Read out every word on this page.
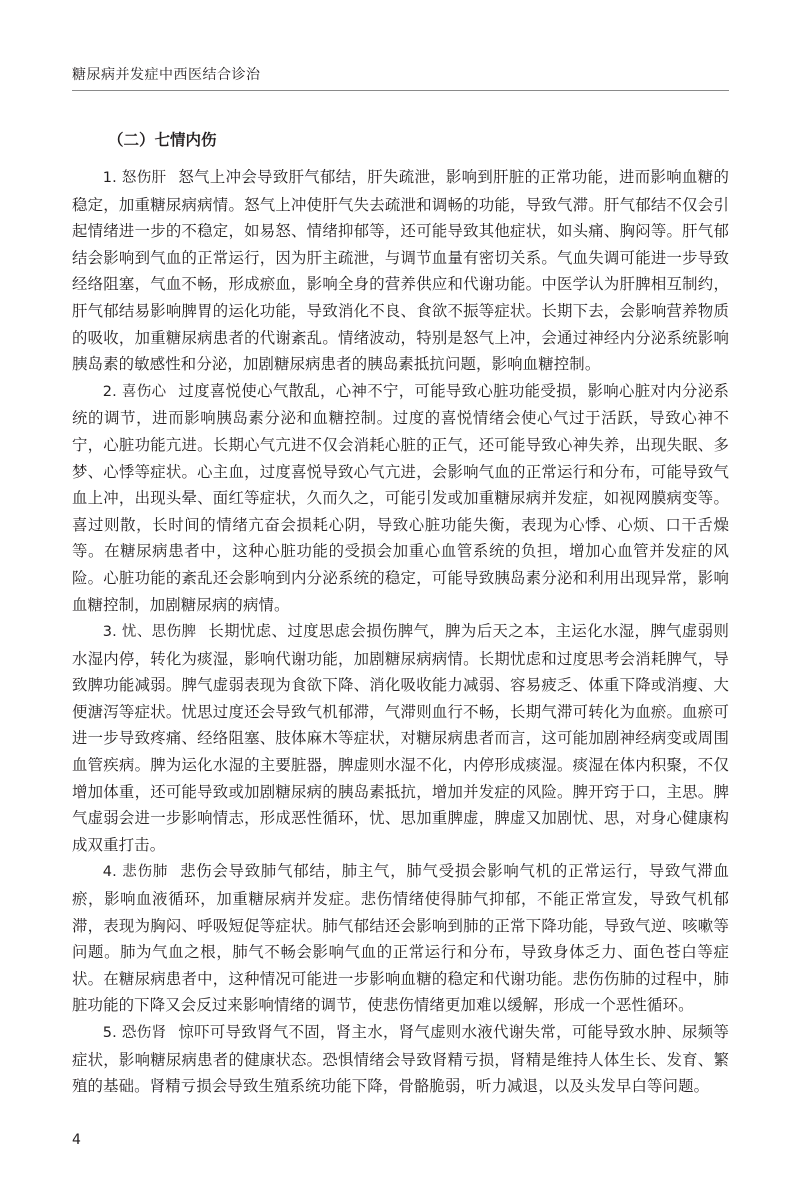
糖尿病并发症中西医结合诊治
（二）七情内伤

1. 怒伤肝 怒气上冲会导致肝气郁结，肝失疏泄，影响到肝脏的正常功能，进而影响血糖的稳定，加重糖尿病病情。怒气上冲使肝气失去疏泄和调畅的功能，导致气滞。肝气郁结不仅会引起情绪进一步的不稳定，如易怒、情绪抑郁等，还可能导致其他症状，如头痛、胸闷等。肝气郁结会影响到气血的正常运行，因为肝主疏泄，与调节血量有密切关系。气血失调可能进一步导致经络阻塞，气血不畅，形成瘀血，影响全身的营养供应和代谢功能。中医学认为肝脾相互制约，肝气郁结易影响脾胃的运化功能，导致消化不良、食欲不振等症状。长期下去，会影响营养物质的吸收，加重糖尿病患者的代谢紊乱。情绪波动，特别是怒气上冲，会通过神经内分泌系统影响胰岛素的敏感性和分泌，加剧糖尿病患者的胰岛素抵抗问题，影响血糖控制。

2. 喜伤心 过度喜悦使心气散乱，心神不宁，可能导致心脏功能受损，影响心脏对内分泌系统的调节，进而影响胰岛素分泌和血糖控制。过度的喜悦情绪会使心气过于活跃，导致心神不宁，心脏功能亢进。长期心气亢进不仅会消耗心脏的正气，还可能导致心神失养，出现失眠、多梦、心悸等症状。心主血，过度喜悦导致心气亢进，会影响气血的正常运行和分布，可能导致气血上冲，出现头晕、面红等症状，久而久之，可能引发或加重糖尿病并发症，如视网膜病变等。喜过则散，长时间的情绪亢奋会损耗心阴，导致心脏功能失衡，表现为心悸、心烦、口干舌燥等。在糖尿病患者中，这种心脏功能的受损会加重心血管系统的负担，增加心血管并发症的风险。心脏功能的紊乱还会影响到内分泌系统的稳定，可能导致胰岛素分泌和利用出现异常，影响血糖控制，加剧糖尿病的病情。

3. 忧、思伤脾 长期忧虑、过度思虑会损伤脾气，脾为后天之本，主运化水湿，脾气虚弱则水湿内停，转化为痰湿，影响代谢功能，加剧糖尿病病情。长期忧虑和过度思考会消耗脾气，导致脾功能减弱。脾气虚弱表现为食欲下降、消化吸收能力减弱、容易疲乏、体重下降或消瘦、大便溏泻等症状。忧思过度还会导致气机郁滞，气滞则血行不畅，长期气滞可转化为血瘀。血瘀可进一步导致疼痛、经络阻塞、肢体麻木等症状，对糖尿病患者而言，这可能加剧神经病变或周围血管疾病。脾为运化水湿的主要脏器，脾虚则水湿不化，内停形成痰湿。痰湿在体内积聚，不仅增加体重，还可能导致或加剧糖尿病的胰岛素抵抗，增加并发症的风险。脾开窍于口，主思。脾气虚弱会进一步影响情志，形成恶性循环，忧、思加重脾虚，脾虚又加剧忧、思，对身心健康构成双重打击。

4. 悲伤肺 悲伤会导致肺气郁结，肺主气，肺气受损会影响气机的正常运行，导致气滞血瘀，影响血液循环，加重糖尿病并发症。悲伤情绪使得肺气抑郁，不能正常宣发，导致气机郁滞，表现为胸闷、呼吸短促等症状。肺气郁结还会影响到肺的正常下降功能，导致气逆、咳嗽等问题。肺为气血之根，肺气不畅会影响气血的正常运行和分布，导致身体乏力、面色苍白等症状。在糖尿病患者中，这种情况可能进一步影响血糖的稳定和代谢功能。悲伤伤肺的过程中，肺脏功能的下降又会反过来影响情绪的调节，使悲伤情绪更加难以缓解，形成一个恶性循环。

5. 恐伤肾 惊吓可导致肾气不固，肾主水，肾气虚则水液代谢失常，可能导致水肿、尿频等症状，影响糖尿病患者的健康状态。恐惧情绪会导致肾精亏损，肾精是维持人体生长、发育、繁殖的基础。肾精亏损会导致生殖系统功能下降，骨骼脆弱，听力减退，以及头发早白等问题。

4
